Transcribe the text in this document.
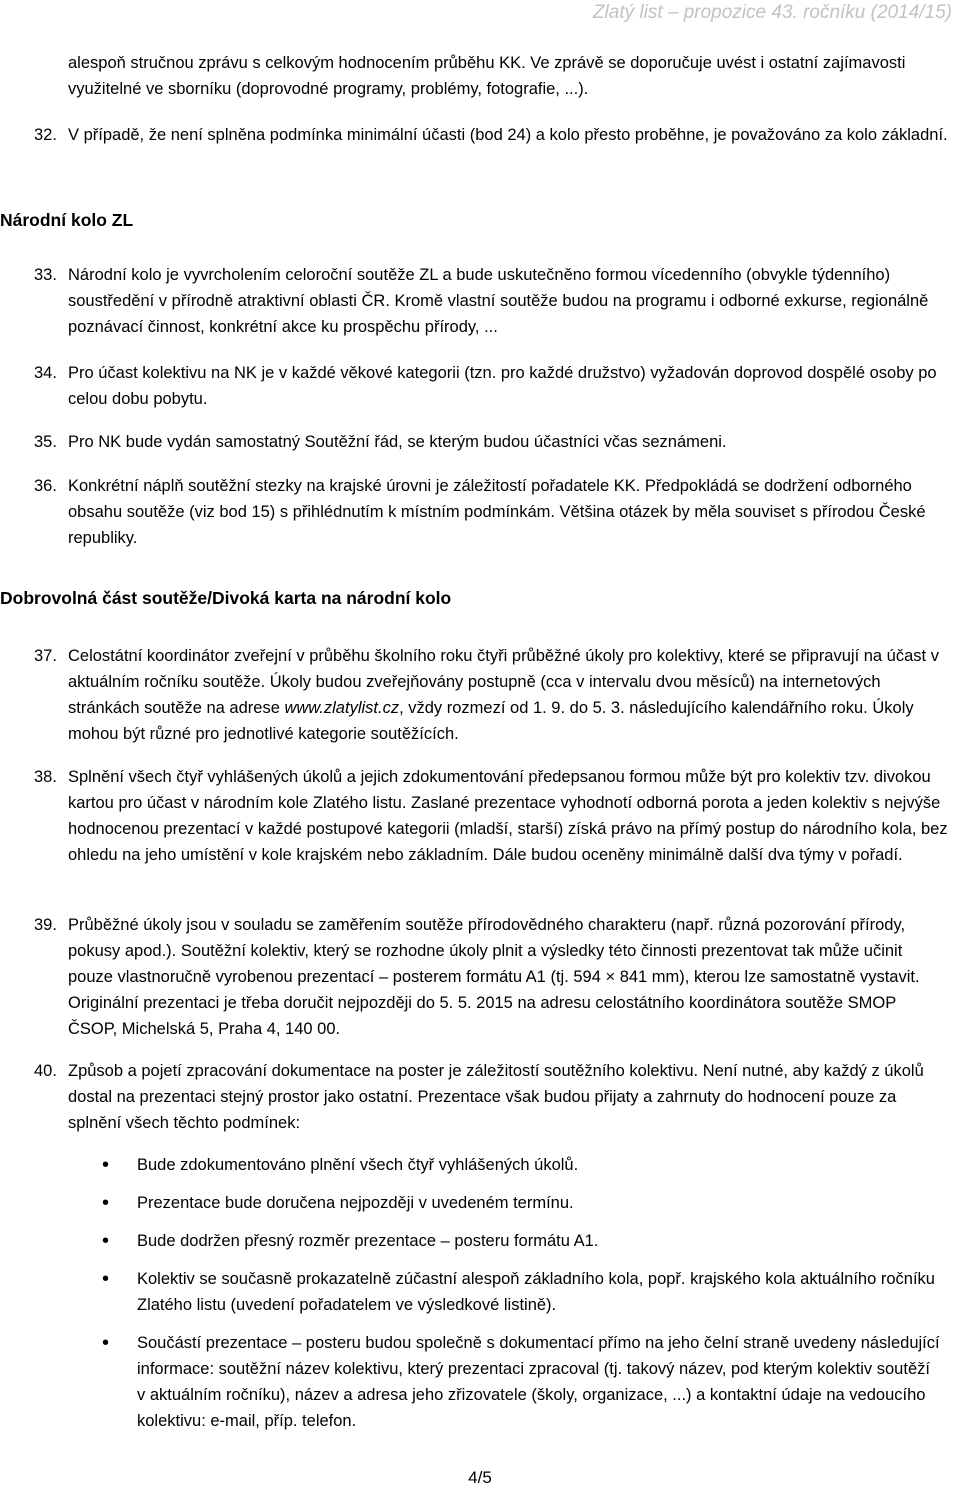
Zlatý list – propozice 43. ročníku (2014/15)
alespoň stručnou zprávu s celkovým hodnocením průběhu KK. Ve zprávě se doporučuje uvést i ostatní zajímavosti využitelné ve sborníku (doprovodné programy, problémy, fotografie, ...).
32. V případě, že není splněna podmínka minimální účasti (bod 24) a kolo přesto proběhne, je považováno za kolo základní.
Národní kolo ZL
33. Národní kolo je vyvrcholením celoroční soutěže ZL a bude uskutečněno formou vícedenního (obvykle týdenního) soustředění v přírodně atraktivní oblasti ČR. Kromě vlastní soutěže budou na programu i odborné exkurse, regionálně poznávací činnost, konkrétní akce ku prospěchu přírody, ...
34. Pro účast kolektivu na NK je v každé věkové kategorii (tzn. pro každé družstvo) vyžadován doprovod dospělé osoby po celou dobu pobytu.
35. Pro NK bude vydán samostatný Soutěžní řád, se kterým budou účastníci včas seznámeni.
36. Konkrétní náplň soutěžní stezky na krajské úrovni je záležitostí pořadatele KK. Předpokládá se dodržení odborného obsahu soutěže (viz bod 15) s přihlédnutím k místním podmínkám. Většina otázek by měla souviset s přírodou České republiky.
Dobrovolná část soutěže/Divoká karta na národní kolo
37. Celostátní koordinátor zveřejní v průběhu školního roku čtyři průběžné úkoly pro kolektivy, které se připravují na účast v aktuálním ročníku soutěže. Úkoly budou zveřejňovány postupně (cca v intervalu dvou měsíců) na internetových stránkách soutěže na adrese www.zlatylist.cz, vždy rozmezí od 1. 9. do 5. 3. následujícího kalendářního roku. Úkoly mohou být různé pro jednotlivé kategorie soutěžících.
38. Splnění všech čtyř vyhlášených úkolů a jejich zdokumentování předepsanou formou může být pro kolektiv tzv. divokou kartou pro účast v národním kole Zlatého listu. Zaslané prezentace vyhodnotí odborná porota a jeden kolektiv s nejvýše hodnocenou prezentací v každé postupové kategorii (mladší, starší) získá právo na přímý postup do národního kola, bez ohledu na jeho umístění v kole krajském nebo základním. Dále budou oceněny minimálně další dva týmy v pořadí.
39. Průběžné úkoly jsou v souladu se zaměřením soutěže přírodovědného charakteru (např. různá pozorování přírody, pokusy apod.). Soutěžní kolektiv, který se rozhodne úkoly plnit a výsledky této činnosti prezentovat tak může učinit pouze vlastnoručně vyrobenou prezentací – posterem formátu A1 (tj. 594 × 841 mm), kterou lze samostatně vystavit. Originální prezentaci je třeba doručit nejpozději do 5. 5. 2015 na adresu celostátního koordinátora soutěže SMOP ČSOP, Michelská 5, Praha 4, 140 00.
40. Způsob a pojetí zpracování dokumentace na poster je záležitostí soutěžního kolektivu. Není nutné, aby každý z úkolů dostal na prezentaci stejný prostor jako ostatní. Prezentace však budou přijaty a zahrnuty do hodnocení pouze za splnění všech těchto podmínek:
• Bude zdokumentováno plnění všech čtyř vyhlášených úkolů.
• Prezentace bude doručena nejpozději v uvedeném termínu.
• Bude dodržen přesný rozměr prezentace – posteru formátu A1.
• Kolektiv se současně prokazatelně zúčastní alespoň základního kola, popř. krajského kola aktuálního ročníku Zlatého listu (uvedení pořadatelem ve výsledkové listině).
• Součástí prezentace – posteru budou společně s dokumentací přímo na jeho čelní straně uvedeny následující informace: soutěžní název kolektivu, který prezentaci zpracoval (tj. takový název, pod kterým kolektiv soutěží v aktuálním ročníku), název a adresa jeho zřizovatele (školy, organizace, ...) a kontaktní údaje na vedoucího kolektivu: e-mail, příp. telefon.
4/5
